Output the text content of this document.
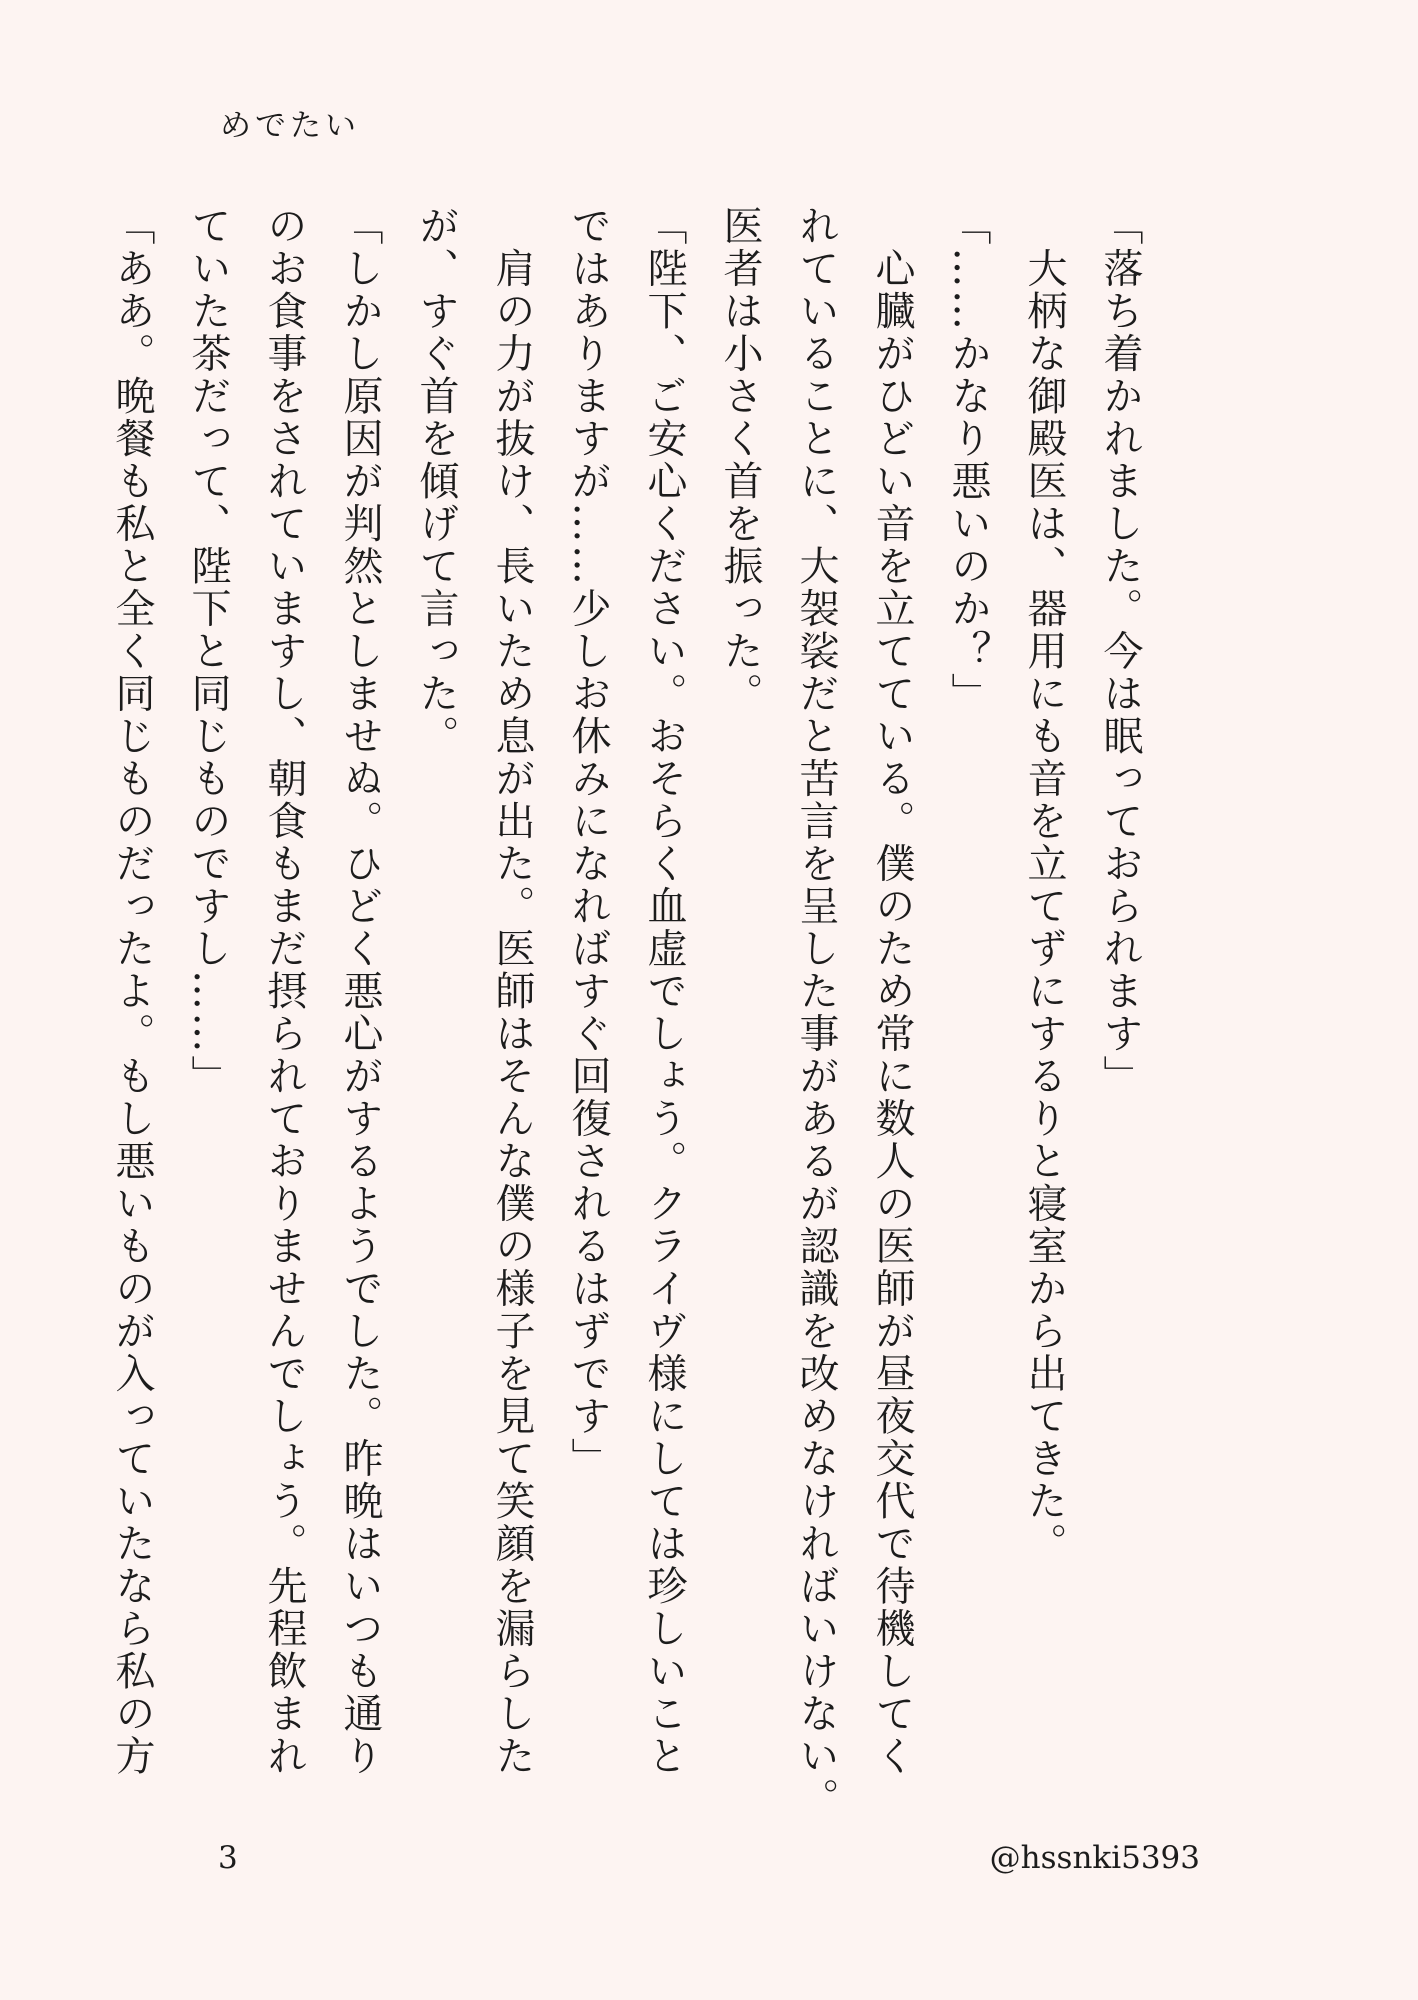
めでたい

「落ち着かれました。今は眠っておられます」

　大柄な御殿医は、器用にも音を立てずにするりと寝室から出てきた。

「……かなり悪いのか？」

　心臓がひどい音を立てている。僕のため常に数人の医師が昼夜交代で待機してく

れていることに、大袈裟だと苦言を呈した事があるが認識を改めなければいけない。

医者は小さく首を振った。

「陛下、ご安心ください。おそらく血虚でしょう。クライヴ様にしては珍しいこと

ではありますが……少しお休みになればすぐ回復されるはずです」

　肩の力が抜け、長いため息が出た。医師はそんな僕の様子を見て笑顔を漏らした

が、すぐ首を傾げて言った。

「しかし原因が判然としませぬ。ひどく悪心がするようでした。昨晩はいつも通り

のお食事をされていますし、朝食もまだ摂られておりませんでしょう。先程飲まれ

ていた茶だって、陛下と同じものですし……」

「ああ。晩餐も私と全く同じものだったよ。もし悪いものが入っていたなら私の方

3	@hssnki5393
